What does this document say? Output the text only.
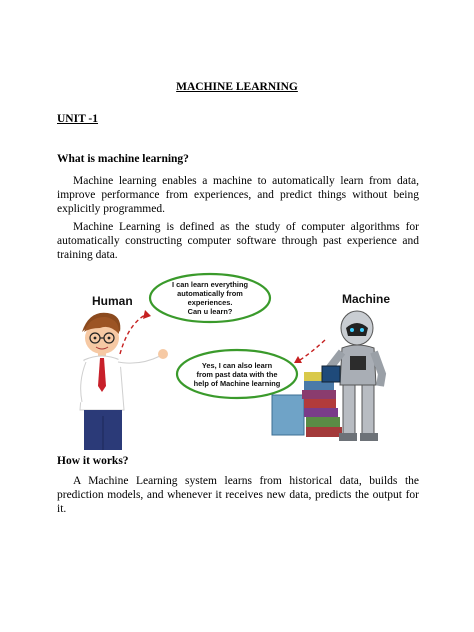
MACHINE LEARNING
UNIT -1
What is machine learning?
Machine learning enables a machine to automatically learn from data, improve performance from experiences, and predict things without being explicitly programmed.
Machine Learning is defined as the study of computer algorithms for automatically constructing computer software through past experience and training data.
Human	Machine
I can learn everything
automatically from
experiences.
Can u learn?
Yes, I can also learn
from past data with the
help of Machine learning
How it works?
A Machine Learning system learns from historical data, builds the prediction models, and whenever it receives new data, predicts the output for it.
